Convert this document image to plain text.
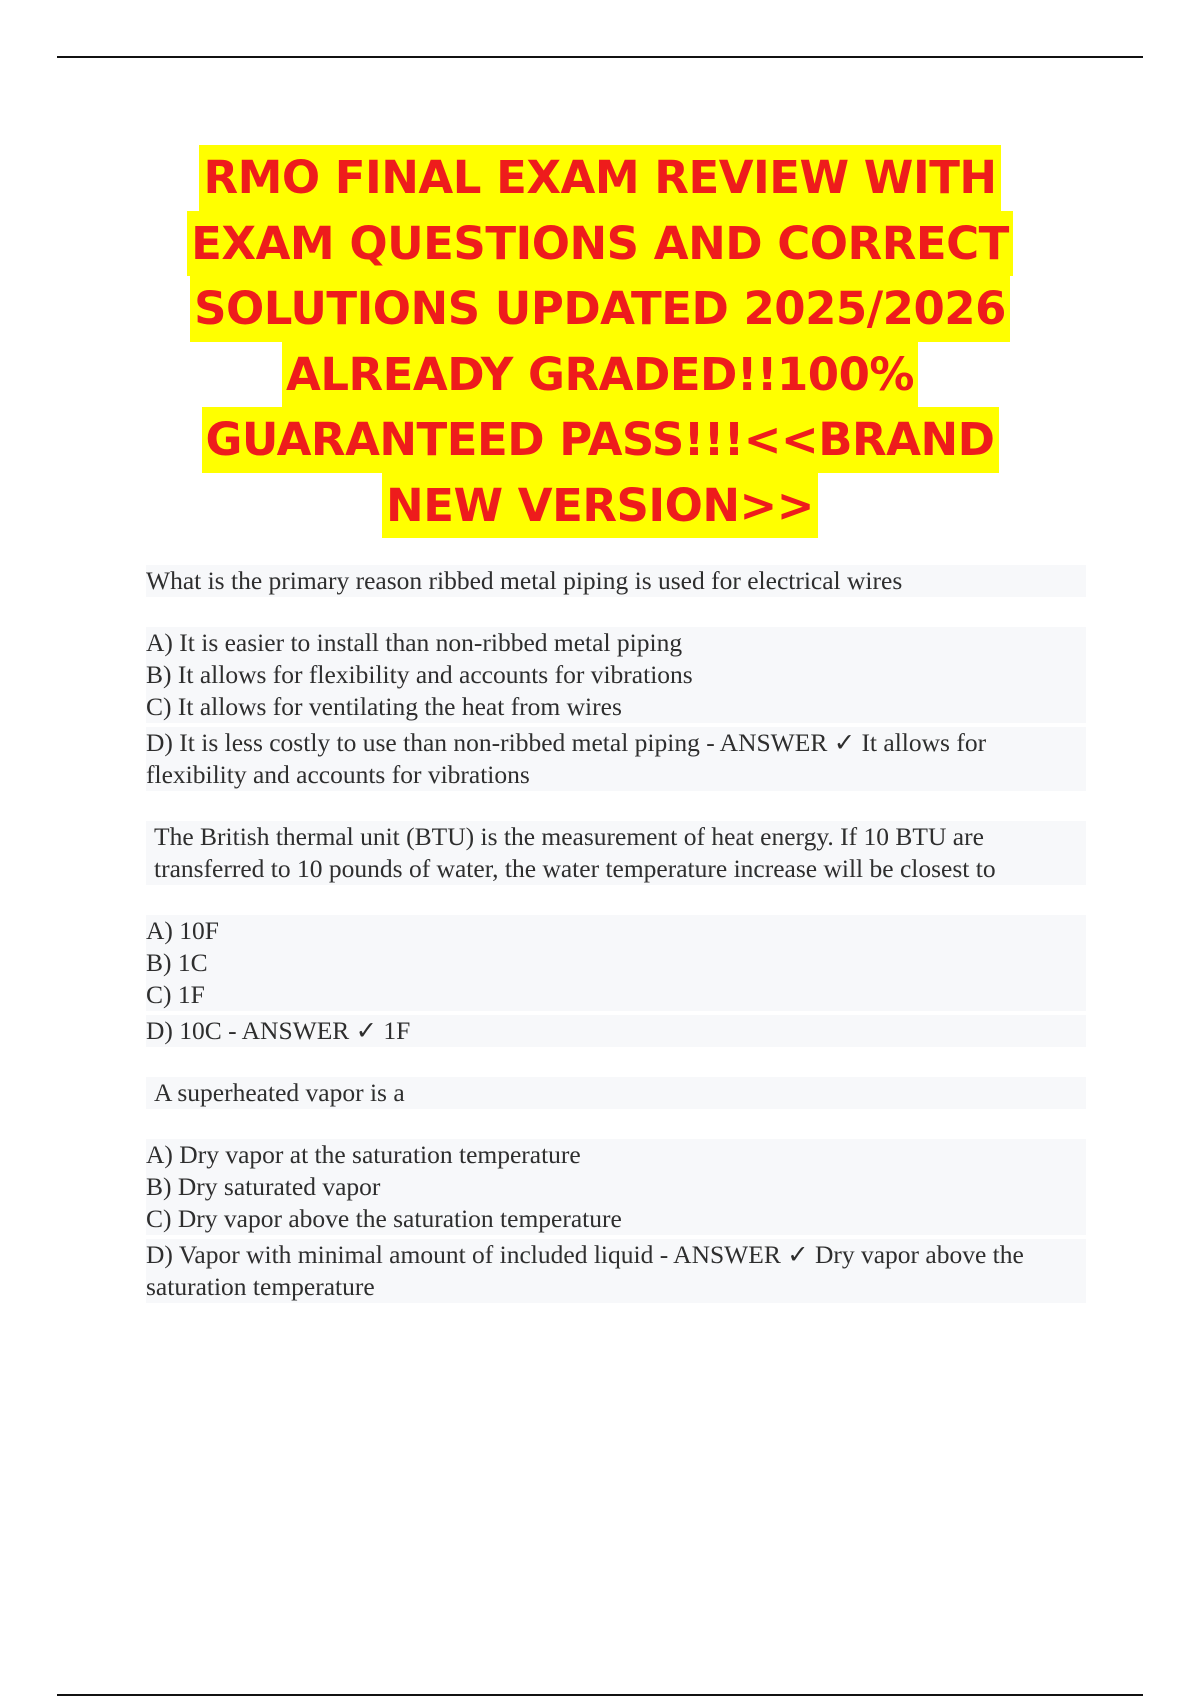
RMO FINAL EXAM REVIEW WITH
EXAM QUESTIONS AND CORRECT
SOLUTIONS UPDATED 2025/2026
ALREADY GRADED!!100%
GUARANTEED PASS!!!<<BRAND
NEW VERSION>>

What is the primary reason ribbed metal piping is used for electrical wires

A) It is easier to install than non-ribbed metal piping
B) It allows for flexibility and accounts for vibrations
C) It allows for ventilating the heat from wires
D) It is less costly to use than non-ribbed metal piping - ANSWER ✓ It allows for flexibility and accounts for vibrations

The British thermal unit (BTU) is the measurement of heat energy. If 10 BTU are transferred to 10 pounds of water, the water temperature increase will be closest to

A) 10F
B) 1C
C) 1F
D) 10C - ANSWER ✓ 1F

A superheated vapor is a

A) Dry vapor at the saturation temperature
B) Dry saturated vapor
C) Dry vapor above the saturation temperature
D) Vapor with minimal amount of included liquid - ANSWER ✓ Dry vapor above the saturation temperature
